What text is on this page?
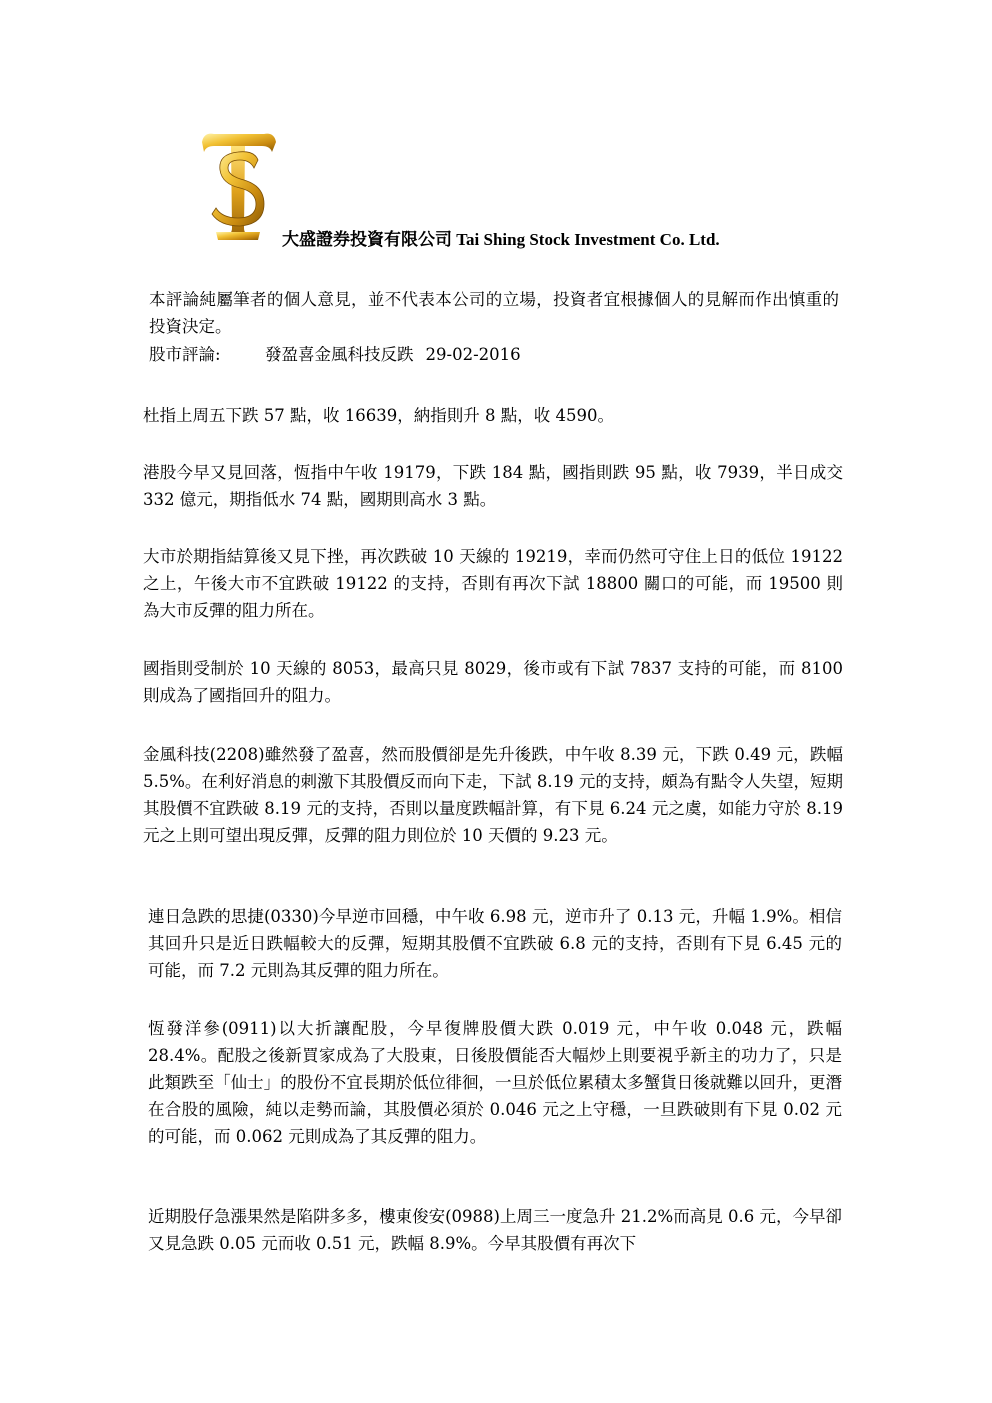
大盛證券投資有限公司 Tai Shing Stock Investment Co. Ltd.
本評論純屬筆者的個人意見，並不代表本公司的立場，投資者宜根據個人的見解而作出慎重的投資決定。
股市評論:	發盈喜金風科技反跌 29-02-2016
杜指上周五下跌 57 點，收 16639，納指則升 8 點，收 4590。
港股今早又見回落，恆指中午收 19179，下跌 184 點，國指則跌 95 點，收 7939，半日成交 332 億元，期指低水 74 點，國期則高水 3 點。
大市於期指結算後又見下挫，再次跌破 10 天線的 19219，幸而仍然可守住上日的低位 19122 之上，午後大市不宜跌破 19122 的支持，否則有再次下試 18800 關口的可能，而 19500 則為大市反彈的阻力所在。
國指則受制於 10 天線的 8053，最高只見 8029，後市或有下試 7837 支持的可能，而 8100 則成為了國指回升的阻力。
金風科技(2208)雖然發了盈喜，然而股價卻是先升後跌，中午收 8.39 元，下跌 0.49 元，跌幅 5.5%。在利好消息的刺激下其股價反而向下走，下試 8.19 元的支持，頗為有點令人失望，短期其股價不宜跌破 8.19 元的支持，否則以量度跌幅計算，有下見 6.24 元之虞，如能力守於 8.19 元之上則可望出現反彈，反彈的阻力則位於 10 天價的 9.23 元。
連日急跌的思捷(0330)今早逆市回穩，中午收 6.98 元，逆市升了 0.13 元，升幅 1.9%。相信其回升只是近日跌幅較大的反彈，短期其股價不宜跌破 6.8 元的支持，否則有下見 6.45 元的可能，而 7.2 元則為其反彈的阻力所在。
恆發洋參(0911)以大折讓配股，今早復牌股價大跌 0.019 元，中午收 0.048 元，跌幅 28.4%。配股之後新買家成為了大股東，日後股價能否大幅炒上則要視乎新主的功力了，只是此類跌至「仙士」的股份不宜長期於低位徘徊，一旦於低位累積太多蟹貨日後就難以回升，更潛在合股的風險，純以走勢而論，其股價必須於 0.046 元之上守穩，一旦跌破則有下見 0.02 元的可能，而 0.062 元則成為了其反彈的阻力。
近期股仔急漲果然是陷阱多多，樓東俊安(0988)上周三一度急升 21.2%而高見 0.6 元，今早卻又見急跌 0.05 元而收 0.51 元，跌幅 8.9%。今早其股價有再次下
